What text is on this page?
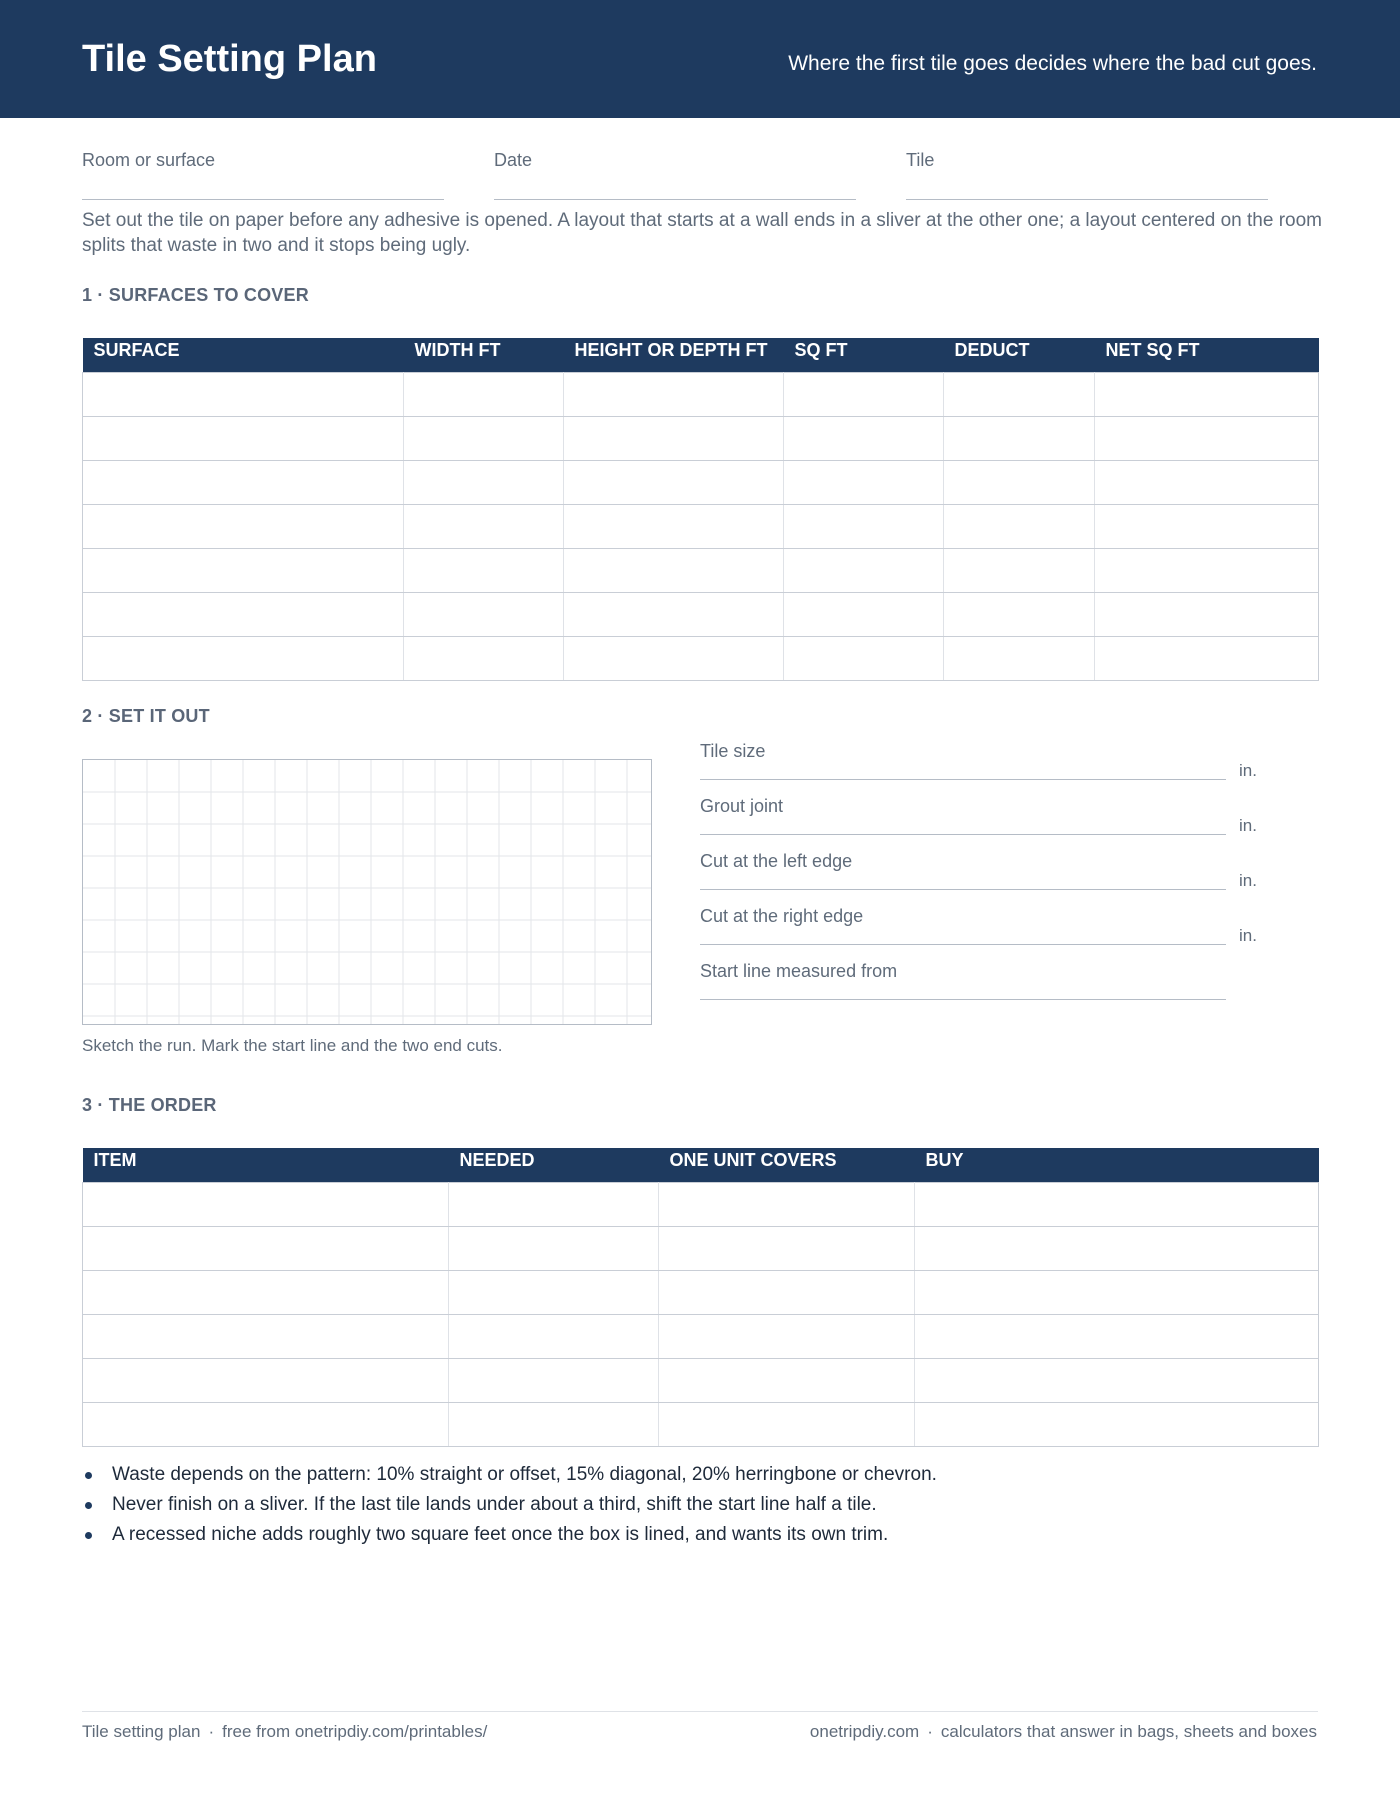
Tile Setting Plan	Where the first tile goes decides where the bad cut goes.
Room or surface	Date	Tile
Set out the tile on paper before any adhesive is opened. A layout that starts at a wall ends in a sliver at the other one; a layout centered on the room splits that waste in two and it stops being ugly.
1 · SURFACES TO COVER
SURFACE	WIDTH FT	HEIGHT OR DEPTH FT	SQ FT	DEDUCT	NET SQ FT

2 · SET IT OUT
Sketch the run. Mark the start line and the two end cuts.
Tile size
in.
Grout joint
in.
Cut at the left edge
in.
Cut at the right edge
in.
Start line measured from
3 · THE ORDER
ITEM	NEEDED	ONE UNIT COVERS	BUY

Waste depends on the pattern: 10% straight or offset, 15% diagonal, 20% herringbone or chevron.
Never finish on a sliver. If the last tile lands under about a third, shift the start line half a tile.
A recessed niche adds roughly two square feet once the box is lined, and wants its own trim.
Tile setting plan · free from onetripdiy.com/printables/	onetripdiy.com · calculators that answer in bags, sheets and boxes
